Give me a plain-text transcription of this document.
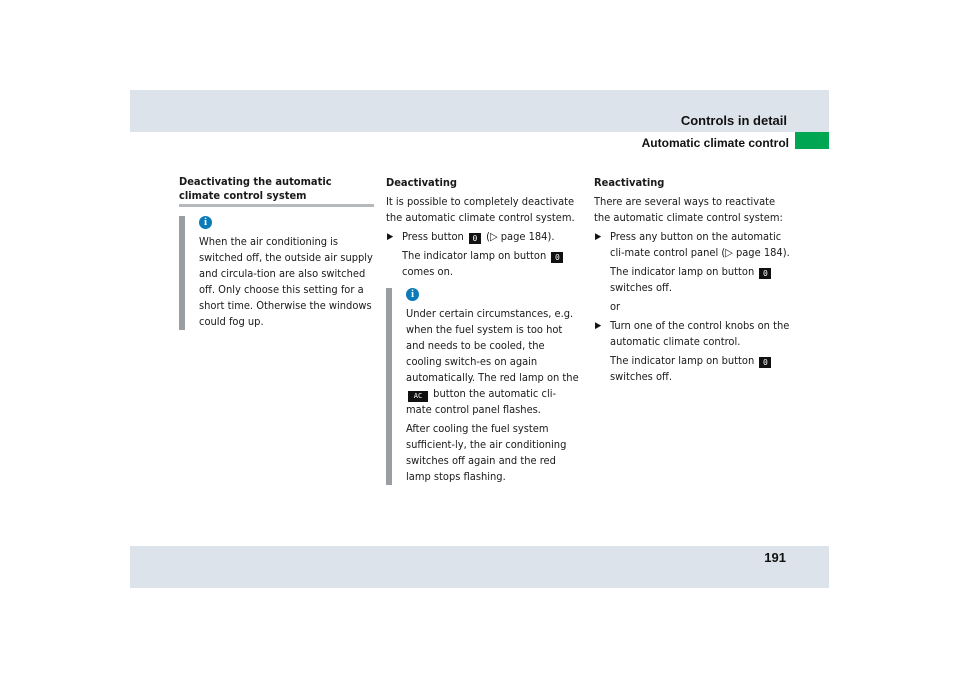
Controls in detail
Automatic climate control
Deactivating the automatic climate control system
i

When the air conditioning is switched off, the outside air supply and circula-tion are also switched off. Only choose this setting for a short time. Otherwise the windows could fog up.

Deactivating

It is possible to completely deactivate the automatic climate control system.

▶ Press button 0 (▷ page 184).
The indicator lamp on button 0 comes on.
i

Under certain circumstances, e.g. when the fuel system is too hot and needs to be cooled, the cooling switch-es on again automatically. The red lamp on the AC button the automatic cli-mate control panel flashes.

After cooling the fuel system sufficient-ly, the air conditioning switches off again and the red lamp stops flashing.

Reactivating

There are several ways to reactivate the automatic climate control system:

▶ Press any button on the automatic cli-mate control panel (▷ page 184).
The indicator lamp on button 0 switches off.
or
▶ Turn one of the control knobs on the automatic climate control.
The indicator lamp on button 0 switches off.
191
